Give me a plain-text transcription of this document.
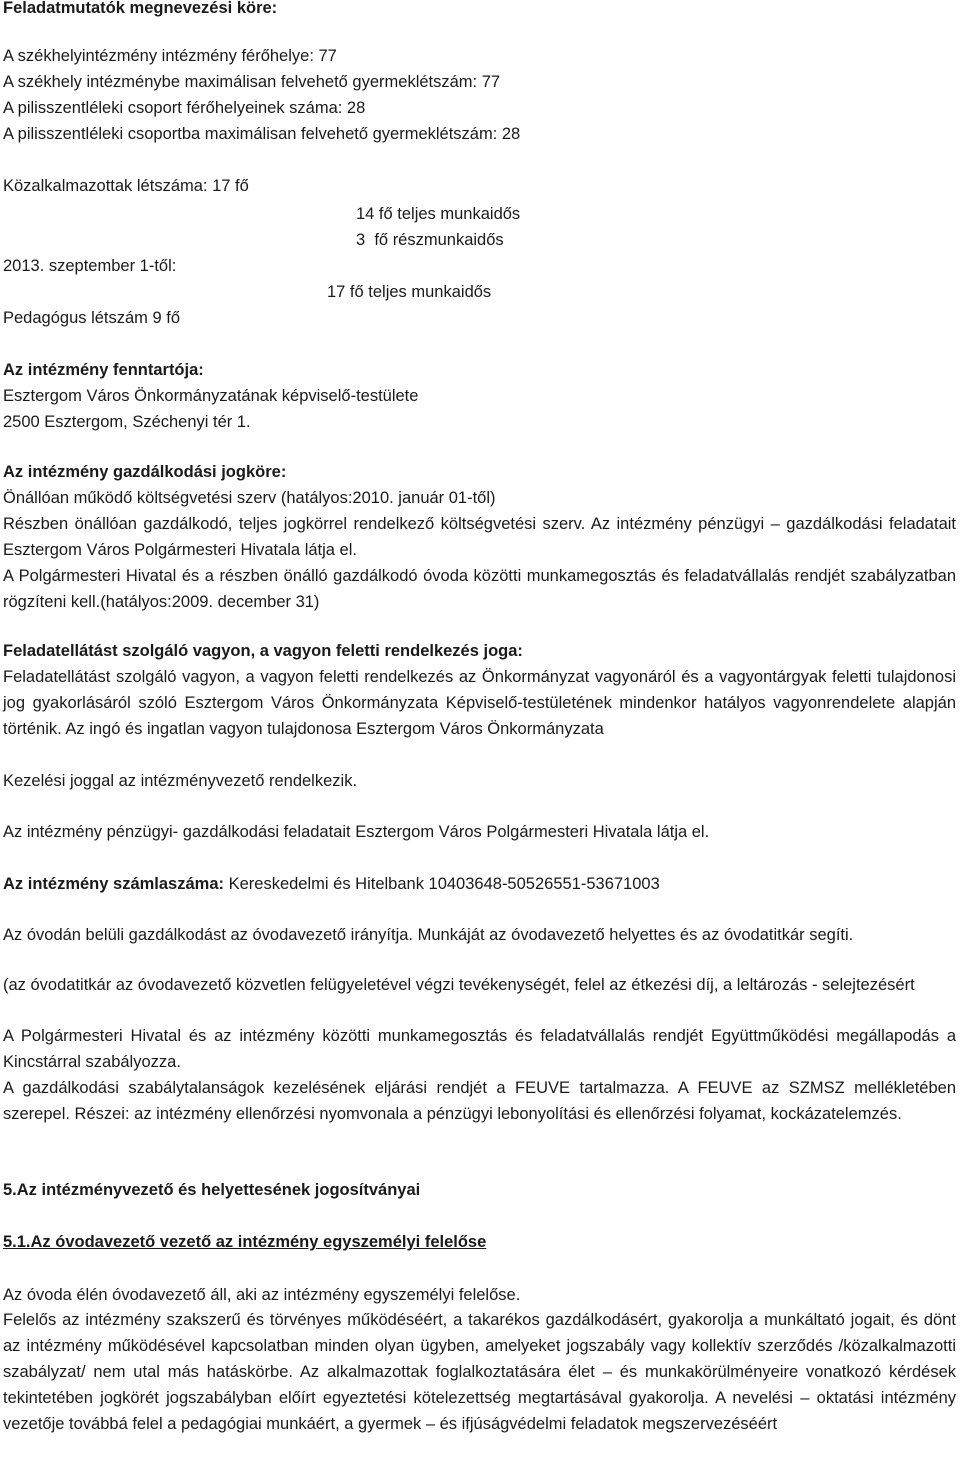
Feladatmutatók megnevezési köre:
A székhelyintézmény intézmény férőhelye: 77
A székhely intézménybe maximálisan felvehető gyermeklétszám: 77
A pilisszentléleki csoport férőhelyeinek száma: 28
A pilisszentléleki csoportba maximálisan felvehető gyermeklétszám: 28
Közalkalmazottak létszáma: 17 fő
14 fő teljes munkaidős
3  fő részmunkaidős
2013. szeptember 1-től:
17 fő teljes munkaidős
Pedagógus létszám 9 fő
Az intézmény fenntartója:
Esztergom Város Önkormányzatának képviselő-testülete
2500 Esztergom, Széchenyi tér 1.
Az intézmény gazdálkodási jogköre:
Önállóan működő költségvetési szerv (hatályos:2010. január 01-től)
Részben önállóan gazdálkodó, teljes jogkörrel rendelkező költségvetési szerv. Az intézmény pénzügyi – gazdálkodási feladatait Esztergom Város Polgármesteri Hivatala látja el.
A Polgármesteri Hivatal és a részben önálló gazdálkodó óvoda közötti munkamegosztás és feladatvállalás rendjét szabályzatban rögzíteni kell.(hatályos:2009. december 31)
Feladatellátást szolgáló vagyon, a vagyon feletti rendelkezés joga:
Feladatellátást szolgáló vagyon, a vagyon feletti rendelkezés az Önkormányzat vagyonáról és a vagyontárgyak feletti tulajdonosi jog gyakorlásáról szóló Esztergom Város Önkormányzata Képviselő-testületének mindenkor hatályos vagyonrendelete alapján történik. Az ingó és ingatlan vagyon tulajdonosa Esztergom Város Önkormányzata
Kezelési joggal az intézményvezető rendelkezik.
Az intézmény pénzügyi- gazdálkodási feladatait Esztergom Város Polgármesteri Hivatala látja el.
Az intézmény számlaszáma: Kereskedelmi és Hitelbank 10403648-50526551-53671003
Az óvodán belüli gazdálkodást az óvodavezető irányítja. Munkáját az óvodavezető helyettes és az óvodatitkár segíti.
(az óvodatitkár az óvodavezető közvetlen felügyeletével végzi tevékenységét, felel az étkezési díj, a leltározás - selejtezésért
A Polgármesteri Hivatal és az intézmény közötti munkamegosztás és feladatvállalás rendjét Együttműködési megállapodás a Kincstárral szabályozza.
A gazdálkodási szabálytalanságok kezelésének eljárási rendjét a FEUVE tartalmazza. A FEUVE az SZMSZ mellékletében szerepel. Részei: az intézmény ellenőrzési nyomvonala a pénzügyi lebonyolítási és ellenőrzési folyamat, kockázatelemzés.
5.Az intézményvezető és helyettesének jogosítványai
5.1.Az óvodavezető vezető az intézmény egyszemélyi felelőse
Az óvoda élén óvodavezető áll, aki az intézmény egyszemélyi felelőse.
Felelős az intézmény szakszerű és törvényes működéséért, a takarékos gazdálkodásért, gyakorolja a munkáltató jogait, és dönt az intézmény működésével kapcsolatban minden olyan ügyben, amelyeket jogszabály vagy kollektív szerződés /közalkalmazotti szabályzat/ nem utal más hatáskörbe. Az alkalmazottak foglalkoztatására élet – és munkakörülményeire vonatkozó kérdések tekintetében jogkörét jogszabályban előírt egyeztetési kötelezettség megtartásával gyakorolja. A nevelési – oktatási intézmény vezetője továbbá felel a pedagógiai munkáért, a gyermek – és ifjúságvédelmi feladatok megszervezéséért
